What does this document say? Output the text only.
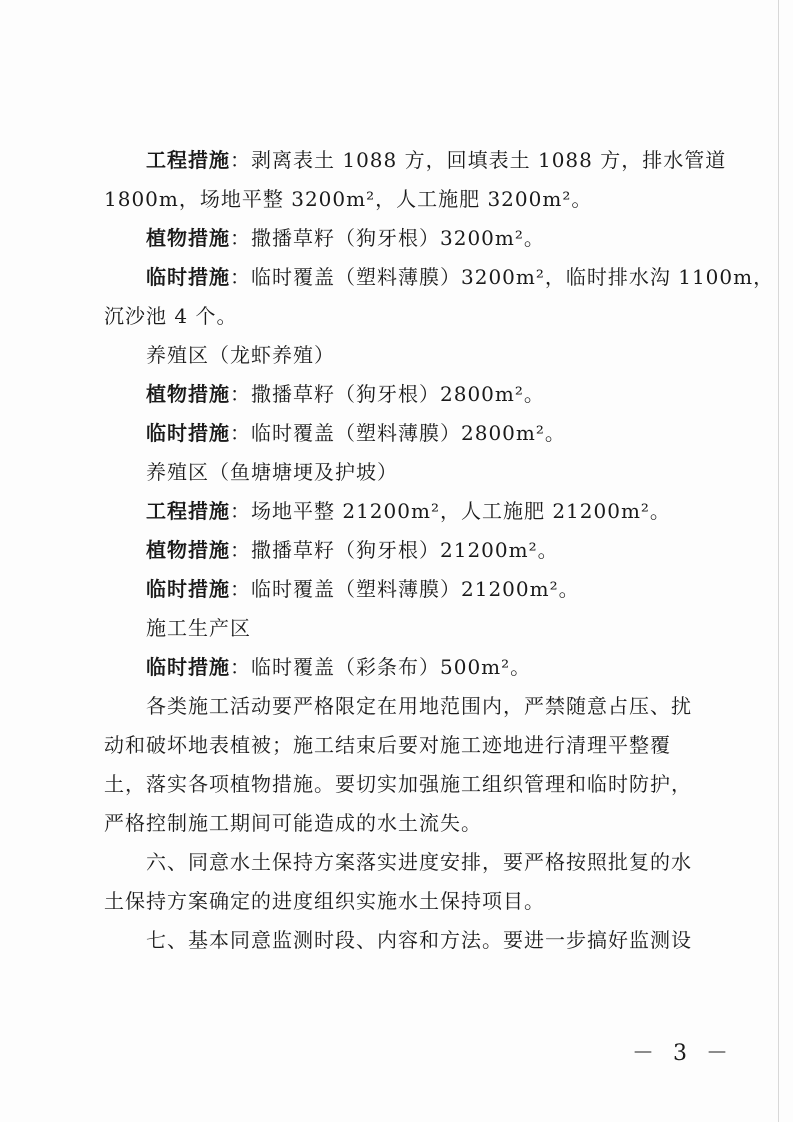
工程措施：剥离表土 1088 方，回填表土 1088 方，排水管道
1800m，场地平整 3200m²，人工施肥 3200m²。
植物措施：撒播草籽（狗牙根）3200m²。
临时措施：临时覆盖（塑料薄膜）3200m²，临时排水沟 1100m，
沉沙池 4 个。
养殖区（龙虾养殖）
植物措施：撒播草籽（狗牙根）2800m²。
临时措施：临时覆盖（塑料薄膜）2800m²。
养殖区（鱼塘塘埂及护坡）
工程措施：场地平整 21200m²，人工施肥 21200m²。
植物措施：撒播草籽（狗牙根）21200m²。
临时措施：临时覆盖（塑料薄膜）21200m²。
施工生产区
临时措施：临时覆盖（彩条布）500m²。
各类施工活动要严格限定在用地范围内，严禁随意占压、扰
动和破坏地表植被；施工结束后要对施工迹地进行清理平整覆
土，落实各项植物措施。要切实加强施工组织管理和临时防护，
严格控制施工期间可能造成的水土流失。
六、同意水土保持方案落实进度安排，要严格按照批复的水
土保持方案确定的进度组织实施水土保持项目。
七、基本同意监测时段、内容和方法。要进一步搞好监测设
－ 3 －
